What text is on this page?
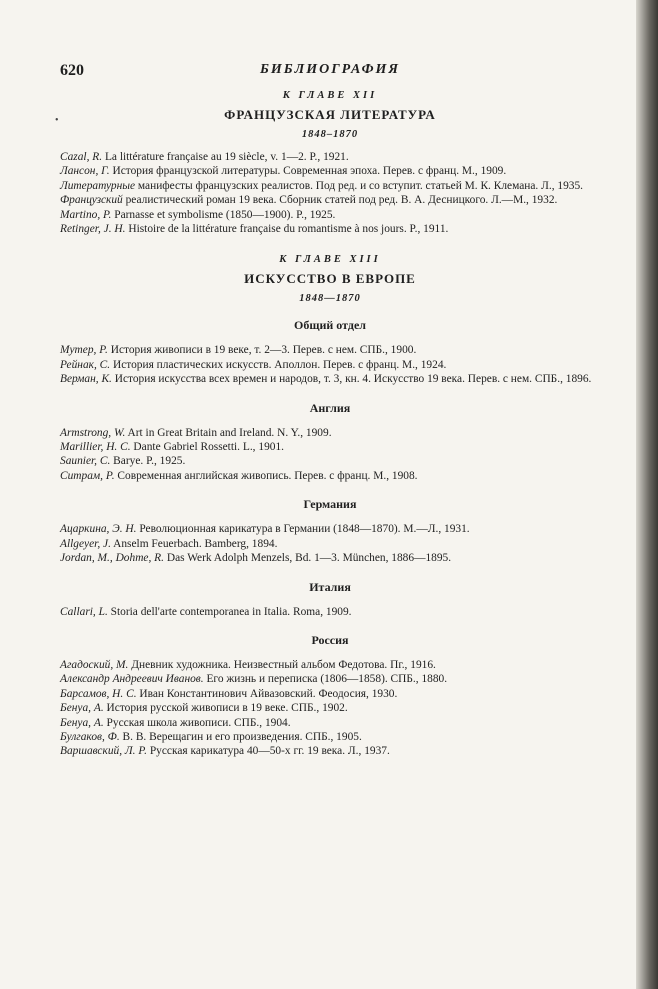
620	БИБЛИОГРАФИЯ
К ГЛАВЕ XII
ФРАНЦУЗСКАЯ ЛИТЕРАТУРА
1848–1870
Cazal, R. La littérature française au 19 siècle, v. 1—2. P., 1921.
Ланcон, Г. История французской литературы. Современная эпоха. Перев. с франц. М., 1909.
Литературные манифесты французских реалистов. Под ред. и со вступит. статьей М. К. Клемана. Л., 1935.
Французский реалистический роман 19 века. Сборник статей под ред. В. А. Десницкого. Л.—М., 1932.
Martino, P. Parnasse et symbolisme (1850—1900). P., 1925.
Retinger, J. H. Histoire de la littérature française du romantisme à nos jours. P., 1911.
К ГЛАВЕ XIII
ИСКУССТВО В ЕВРОПЕ
1848—1870
Общий отдел
Мутер, Р. История живописи в 19 веке, т. 2—3. Перев. с нем. СПБ., 1900.
Рейнак, С. История пластических искусств. Аполлон. Перев. с франц. М., 1924.
Верман, К. История искусства всех времен и народов, т. 3, кн. 4. Искусство 19 века. Перев. с нем. СПБ., 1896.
Англия
Armstrong, W. Art in Great Britain and Ireland. N. Y., 1909.
Marillier, H. C. Dante Gabriel Rossetti. L., 1901.
Saunier, C. Barye. P., 1925.
Ситрам, Р. Современная английская живопись. Перев. с франц. М., 1908.
Германия
Ацаркина, Э. Н. Революционная карикатура в Германии (1848—1870). М.—Л., 1931.
Allgeyer, J. Anselm Feuerbach. Bamberg, 1894.
Jordan, M., Dohme, R. Das Werk Adolph Menzels, Bd. 1—3. München, 1886—1895.
Италия
Callari, L. Storia dell'arte contemporanea in Italia. Roma, 1909.
Россия
Агадоский, М. Дневник художника. Неизвестный альбом Федотова. Пг., 1916.
Александр Андреевич Иванов. Его жизнь и переписка (1806—1858). СПБ., 1880.
Барсамов, Н. С. Иван Константинович Айвазовский. Феодосия, 1930.
Бенуа, А. История русской живописи в 19 веке. СПБ., 1902.
Бенуа, А. Русская школа живописи. СПБ., 1904.
Булгаков, Ф. В. В. Верещагин и его произведения. СПБ., 1905.
Варшавский, Л. Р. Русская карикатура 40—50-х гг. 19 века. Л., 1937.
•
